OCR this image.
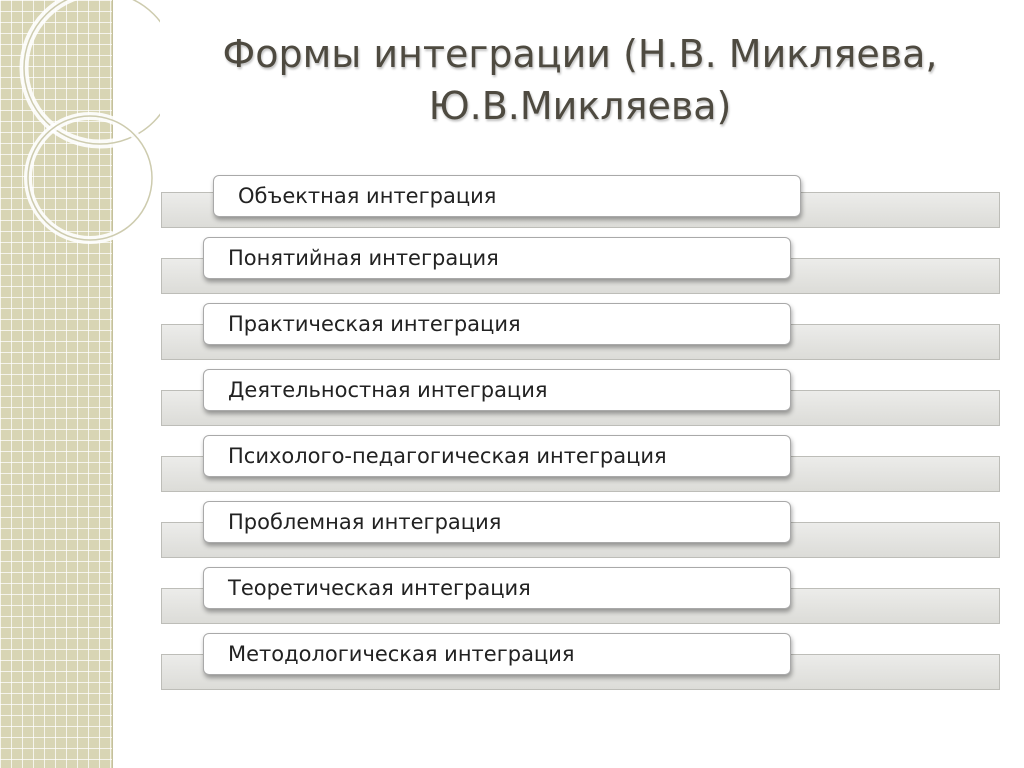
Формы интеграции (Н.В. Микляева,
Ю.В.Микляева)
Объектная интеграция
Понятийная интеграция
Практическая интеграция
Деятельностная интеграция
Психолого-педагогическая интеграция
Проблемная интеграция
Теоретическая интеграция
Методологическая интеграция
